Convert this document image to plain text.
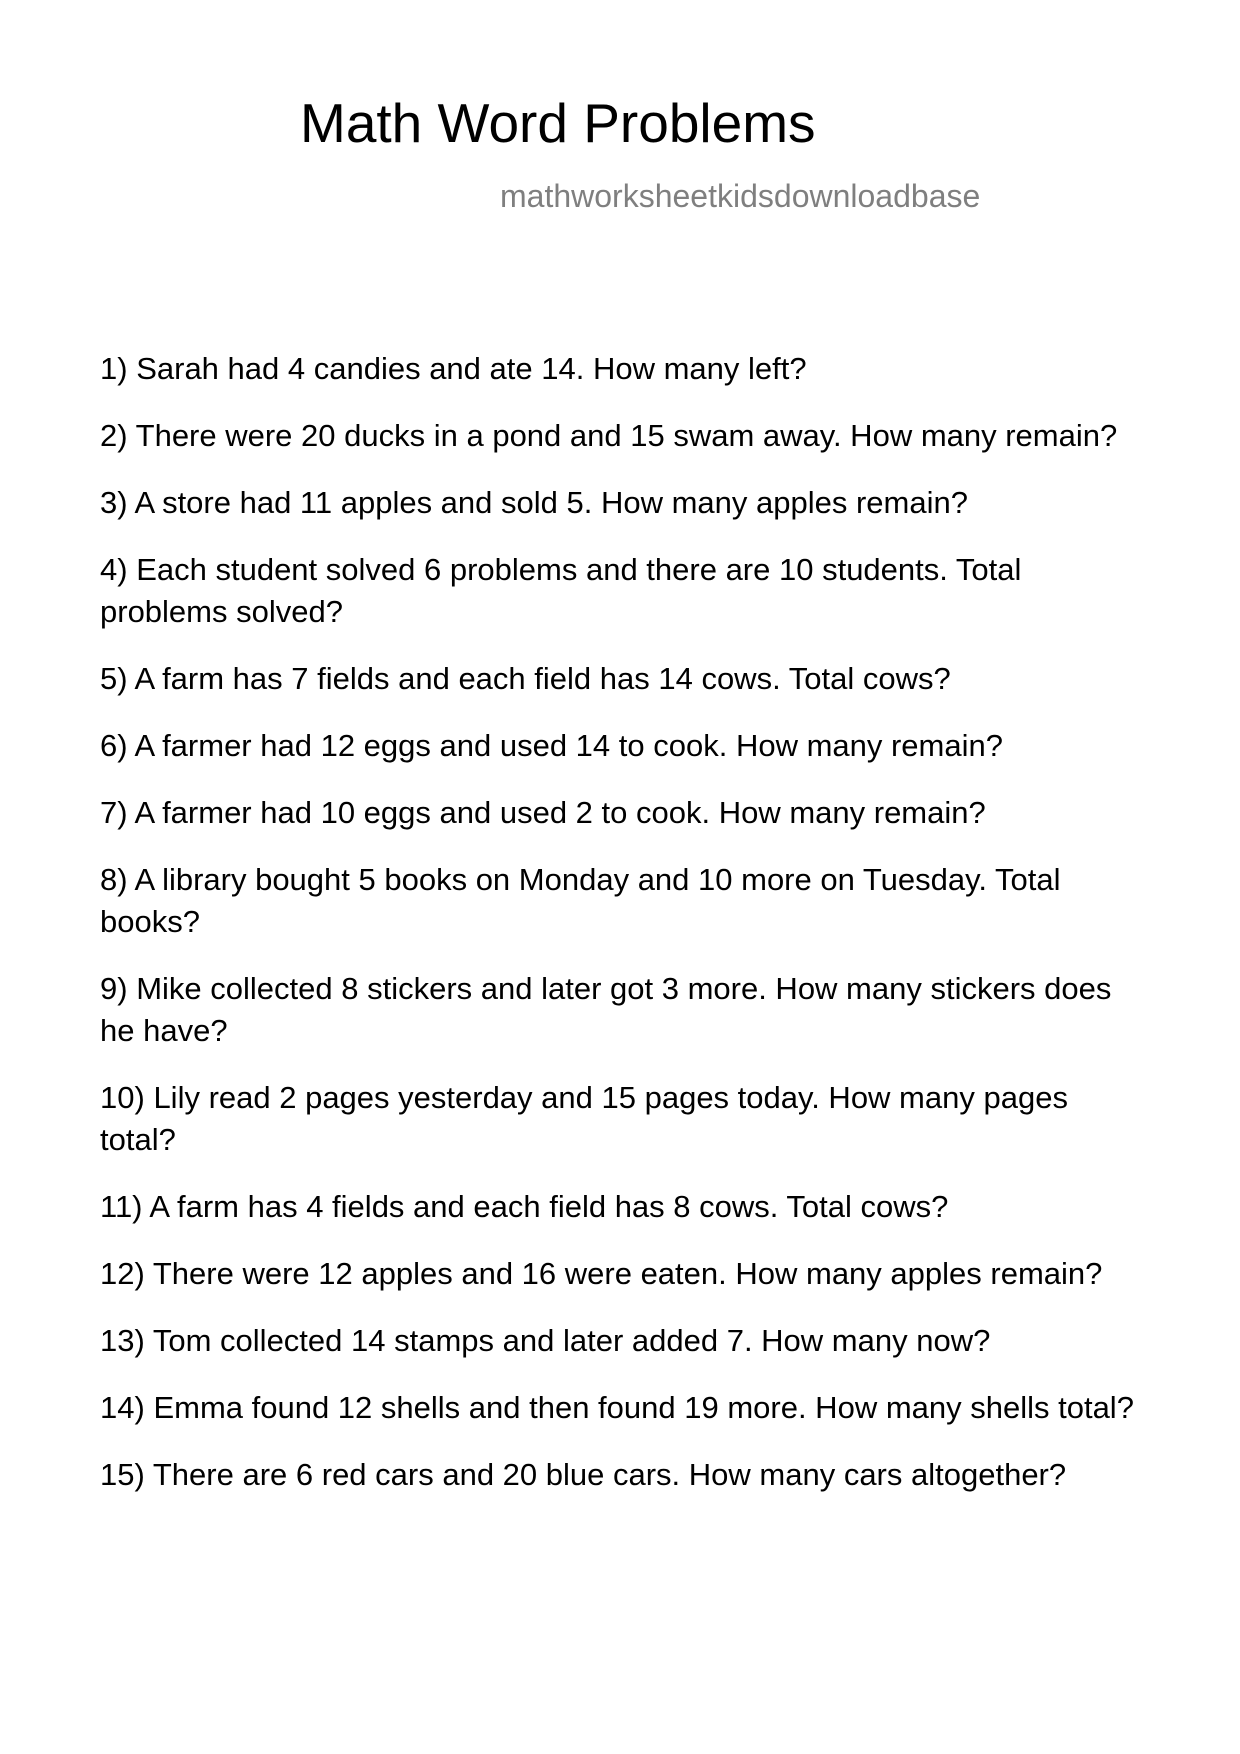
Math Word Problems
mathworksheetkidsdownloadbase
1) Sarah had 4 candies and ate 14. How many left?
2) There were 20 ducks in a pond and 15 swam away. How many remain?
3) A store had 11 apples and sold 5. How many apples remain?
4) Each student solved 6 problems and there are 10 students. Total problems solved?
5) A farm has 7 fields and each field has 14 cows. Total cows?
6) A farmer had 12 eggs and used 14 to cook. How many remain?
7) A farmer had 10 eggs and used 2 to cook. How many remain?
8) A library bought 5 books on Monday and 10 more on Tuesday. Total books?
9) Mike collected 8 stickers and later got 3 more. How many stickers does he have?
10) Lily read 2 pages yesterday and 15 pages today. How many pages total?
11) A farm has 4 fields and each field has 8 cows. Total cows?
12) There were 12 apples and 16 were eaten. How many apples remain?
13) Tom collected 14 stamps and later added 7. How many now?
14) Emma found 12 shells and then found 19 more. How many shells total?
15) There are 6 red cars and 20 blue cars. How many cars altogether?
